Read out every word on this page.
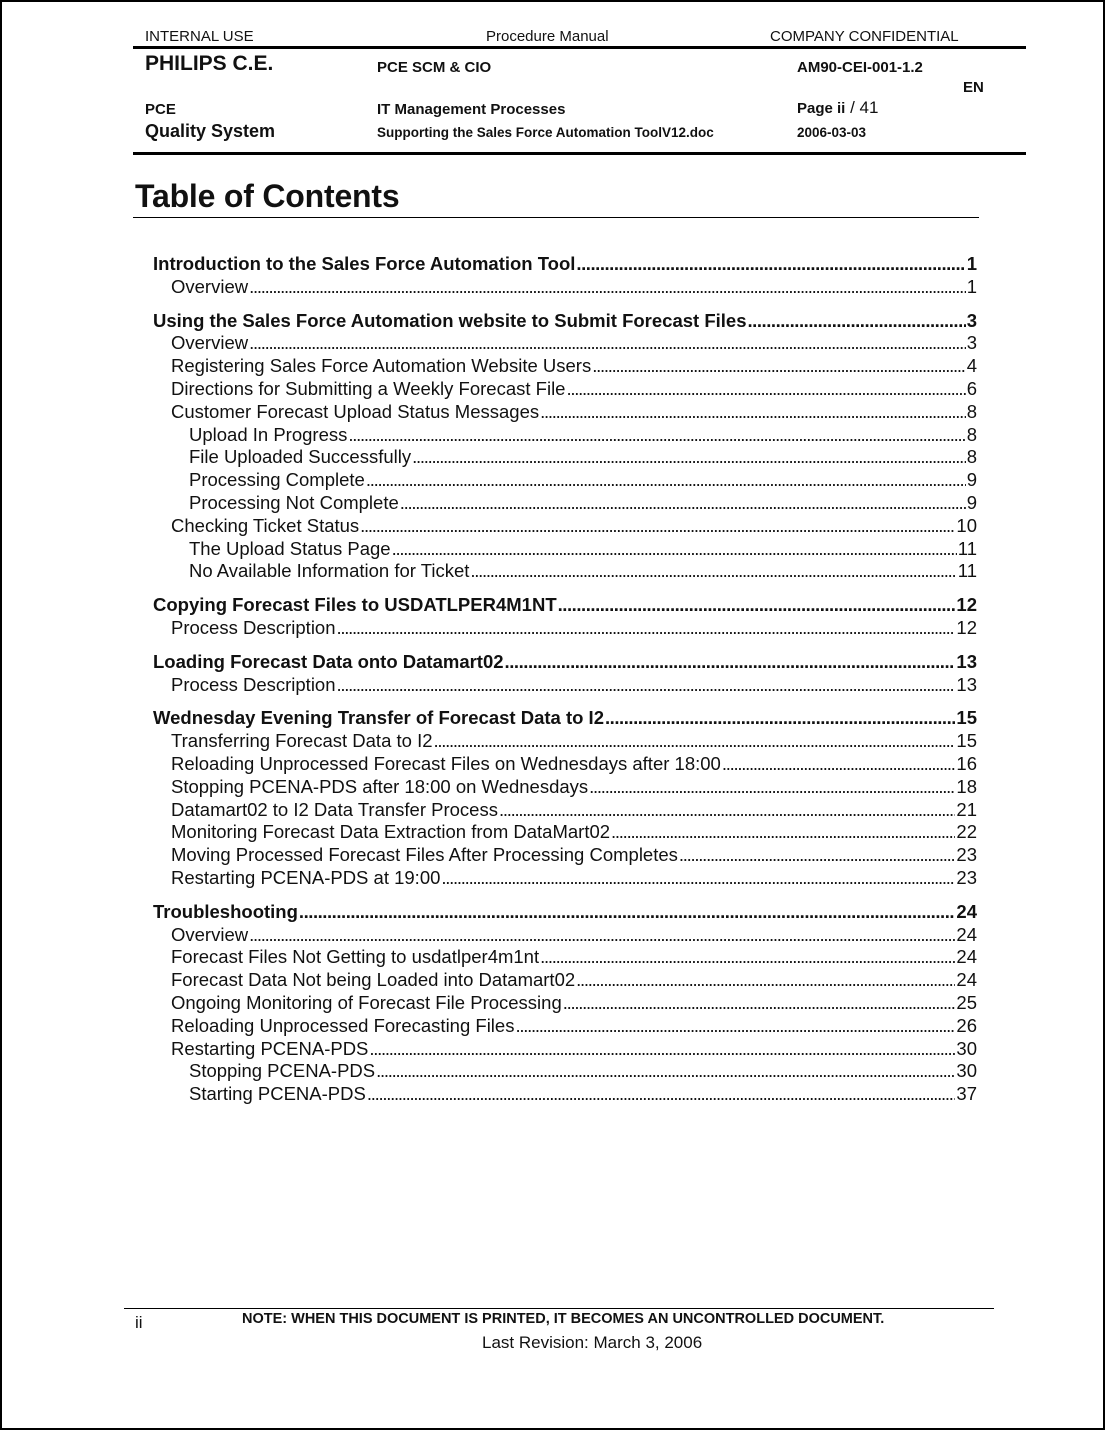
INTERNAL USE	Procedure Manual	COMPANY CONFIDENTIAL
PHILIPS C.E.	PCE SCM & CIO	AM90-CEI-001-1.2
EN
PCE	IT Management Processes	Page ii / 41
Quality System	Supporting the Sales Force Automation ToolV12.doc	2006-03-03
Table of Contents
Introduction to the Sales Force Automation Tool . . .	1
Overview . . .	1
Using the Sales Force Automation website to Submit Forecast Files . . .	3
Overview . . .	3
Registering Sales Force Automation Website Users . . .	4
Directions for Submitting a Weekly Forecast File . . .	6
Customer Forecast Upload Status Messages . . .	8
Upload In Progress . . .	8
File Uploaded Successfully . . .	8
Processing Complete . . .	9
Processing Not Complete . . .	9
Checking Ticket Status . . .	10
The Upload Status Page . . .	11
No Available Information for Ticket . . .	11
Copying Forecast Files to USDATLPER4M1NT . . .	12
Process Description . . .	12
Loading Forecast Data onto Datamart02 . . .	13
Process Description . . .	13
Wednesday Evening Transfer of Forecast Data to I2 . . .	15
Transferring Forecast Data to I2 . . .	15
Reloading Unprocessed Forecast Files on Wednesdays after 18:00 . . .	16
Stopping PCENA-PDS after 18:00 on Wednesdays . . .	18
Datamart02 to I2 Data Transfer Process . . .	21
Monitoring Forecast Data Extraction from DataMart02 . . .	22
Moving Processed Forecast Files After Processing Completes . . .	23
Restarting PCENA-PDS at 19:00 . . .	23
Troubleshooting . . .	24
Overview . . .	24
Forecast Files Not Getting to usdatlper4m1nt . . .	24
Forecast Data Not being Loaded into Datamart02 . . .	24
Ongoing Monitoring of Forecast File Processing . . .	25
Reloading Unprocessed Forecasting Files . . .	26
Restarting PCENA-PDS . . .	30
Stopping PCENA-PDS . . .	30
Starting PCENA-PDS . . .	37
ii	NOTE: WHEN THIS DOCUMENT IS PRINTED, IT BECOMES AN UNCONTROLLED DOCUMENT.
Last Revision: March 3, 2006
